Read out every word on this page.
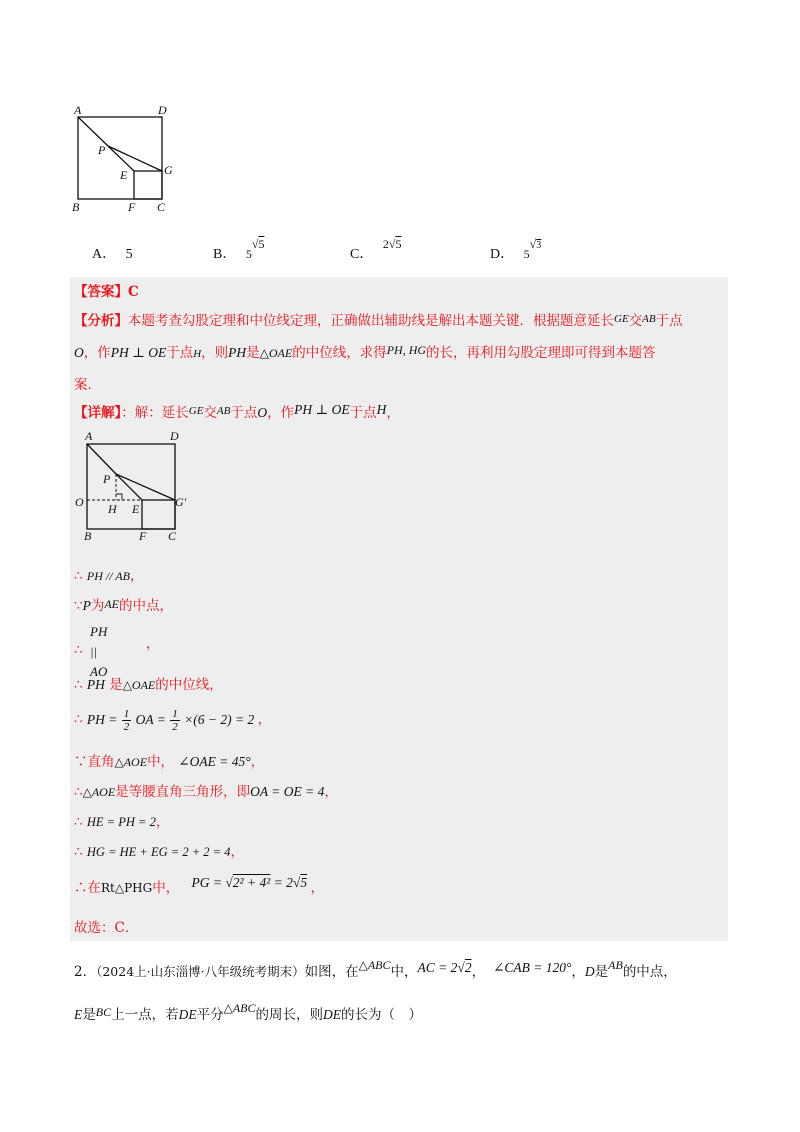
A	D
P
E	G
B	F C
A． 5	B． 5√5
C． 2√5
D． 5√3
【答案】C
【分析】本题考查勾股定理和中位线定理，正确做出辅助线是解出本题关键．根据题意延长$^{GE}$交$^{AB}$于点
O，作PH ⊥ OE于点H，则PH是△OAE的中位线，求得PH, HG的长，再利用勾股定理即可得到本题答
案．
【详解】：解：延长$^{GE}$交$^{AB}$于点O，作PH ⊥ OE于点H，
A	D
P
O H E	G'
B	F C
∴ PH // AB，
∵P为AE的中点，
PH || AO
∴	，
∴ PH 是△OAE的中位线，
∴ PH = $\frac{1}{2}$ OA = $\frac{1}{2} \times(6 - 2) = 2$ ，
∵直角△AOE中， ∠OAE = 45°，
∴△AOE是等腰直角三角形，即OA = OE = 4，
∴ HE = PH = 2，
∴ HG = HE + EG = 2 + 2 = 4，
∴在Rt△PHG中， PG = √2² + 4² = 2√5 ，
故选：C．
2．（2024上·山东淄博·八年级统考期末）如图，在△ABC中，AC = 2√2， ∠CAB = 120°，D是AB的中点，
E是BC上一点，若DE平分△ABC的周长，则DE的长为（　）
